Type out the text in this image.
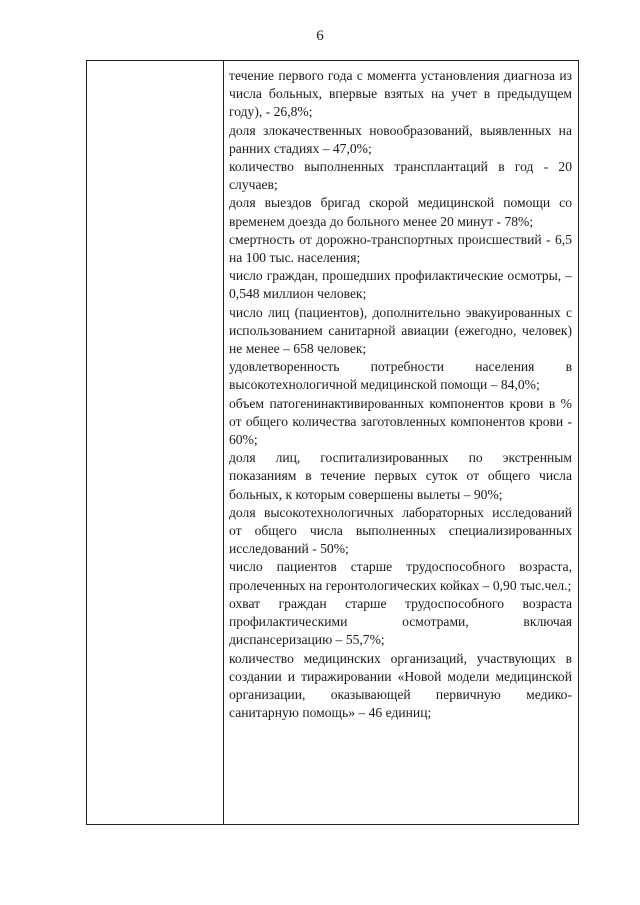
6

течение первого года с момента установления диагноза из числа больных, впервые взятых на учет в предыдущем году), - 26,8%;

доля злокачественных новообразований, выявленных на ранних стадиях – 47,0%;

количество выполненных трансплантаций в год - 20 случаев;

доля выездов бригад скорой медицинской помощи со временем доезда до больного менее 20 минут - 78%;

смертность от дорожно-транспортных происшествий - 6,5 на 100 тыс. населения;

число граждан, прошедших профилактические осмотры, – 0,548 миллион человек;

число лиц (пациентов), дополнительно эвакуированных с использованием санитарной авиации (ежегодно, человек) не менее – 658 человек;

удовлетворенность потребности населения в высокотехнологичной медицинской помощи – 84,0%;

объем патогенинактивированных компонентов крови в % от общего количества заготовленных компонентов крови - 60%;

доля лиц, госпитализированных по экстренным показаниям в течение первых суток от общего числа больных, к которым совершены вылеты – 90%;

доля высокотехнологичных лабораторных исследований от общего числа выполненных специализированных исследований - 50%;

число пациентов старше трудоспособного возраста, пролеченных на геронтологических койках – 0,90 тыс.чел.;

охват граждан старше трудоспособного возраста профилактическими осмотрами, включая диспансеризацию – 55,7%;

количество медицинских организаций, участвующих в создании и тиражировании «Новой модели медицинской организации, оказывающей первичную медико-санитарную помощь» – 46 единиц;
